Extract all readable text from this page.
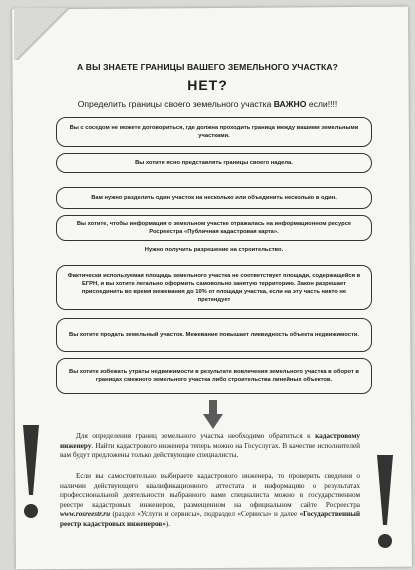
А ВЫ ЗНАЕТЕ ГРАНИЦЫ ВАШЕГО ЗЕМЕЛЬНОГО УЧАСТКА?
НЕТ?
Определить границы своего земельного участка ВАЖНО если!!!!
Вы с соседом не можете договориться, где должна проходить граница между вашими земельными участками.
Вы хотите ясно представлять границы своего надела.
Вам нужно разделить один участок на несколько или объединить несколько в один.
Вы хотите, чтобы информация о земельном участке отражалась на информационном ресурсе Росреестра «Публичная кадастровая карта».
Нужно получить разрешение на строительство.
Фактически используемая площадь земельного участка не соответствует площади, содержащейся в ЕГРН, и вы хотите легально оформить самовольно занятую территорию. Закон разрешает присоединить во время межевания до 10% от площади участка, если на эту часть никто не претендует
Вы хотите продать земельный участок. Межевание повышает ликвидность объекта недвижимости.
Вы хотите избежать утраты недвижимости в результате вовлечения земельного участка в оборот в границах смежного земельного участка либо строительства линейных объектов.
Для определения границ земельного участка необходимо обратиться к кадастровому инженеру. Найти кадастрового инженера теперь можно на Госуслугах. В качестве исполнителей вам будут предложены только действующие специалисты.
Если вы самостоятельно выбираете кадастрового инженера, то проверить сведения о наличии действующего квалификационного аттестата и информацию о результатах профессиональной деятельности выбранного вами специалиста можно в государственном реестре кадастровых инженеров, размещенном на официальном сайте Росреестра www.rosreestr.ru (раздел «Услуги и сервисы», подраздел «Сервисы» и далее «Государственный реестр кадастровых инженеров»).
